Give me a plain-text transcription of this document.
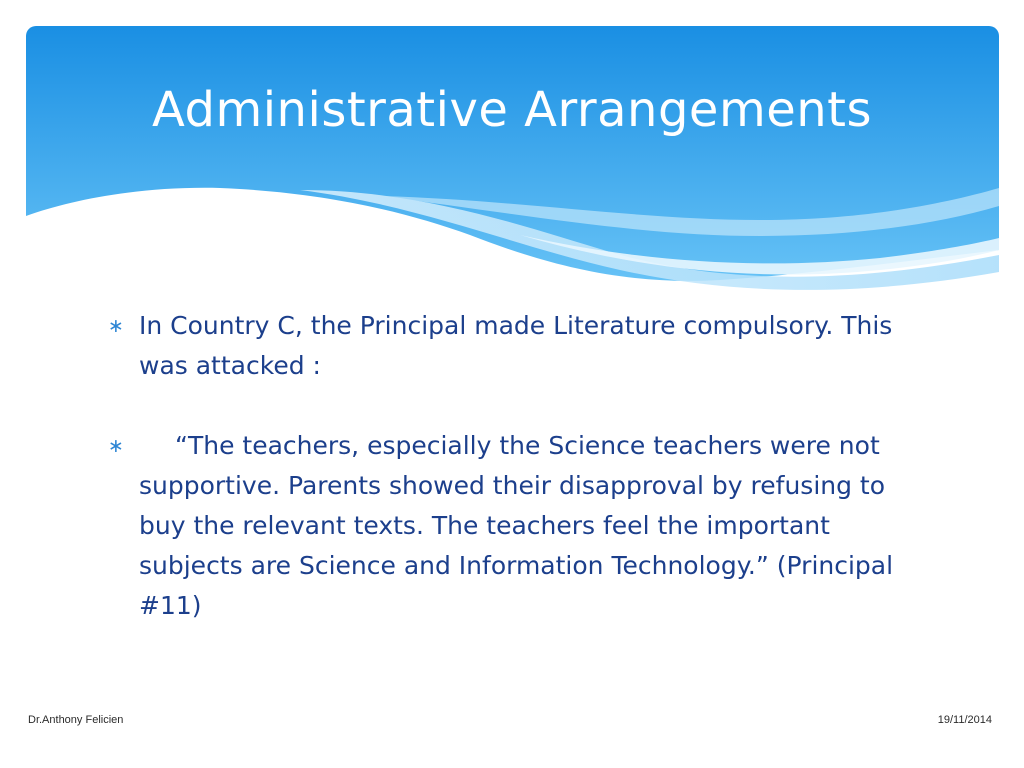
Administrative Arrangements

∗ In Country C, the Principal made Literature compulsory. This was attacked :

∗ “The teachers, especially the Science teachers were not supportive. Parents showed their disapproval by refusing to buy the relevant texts. The teachers feel the important subjects are Science and Information Technology.” (Principal #11)

Dr.Anthony Felicien	19/11/2014
